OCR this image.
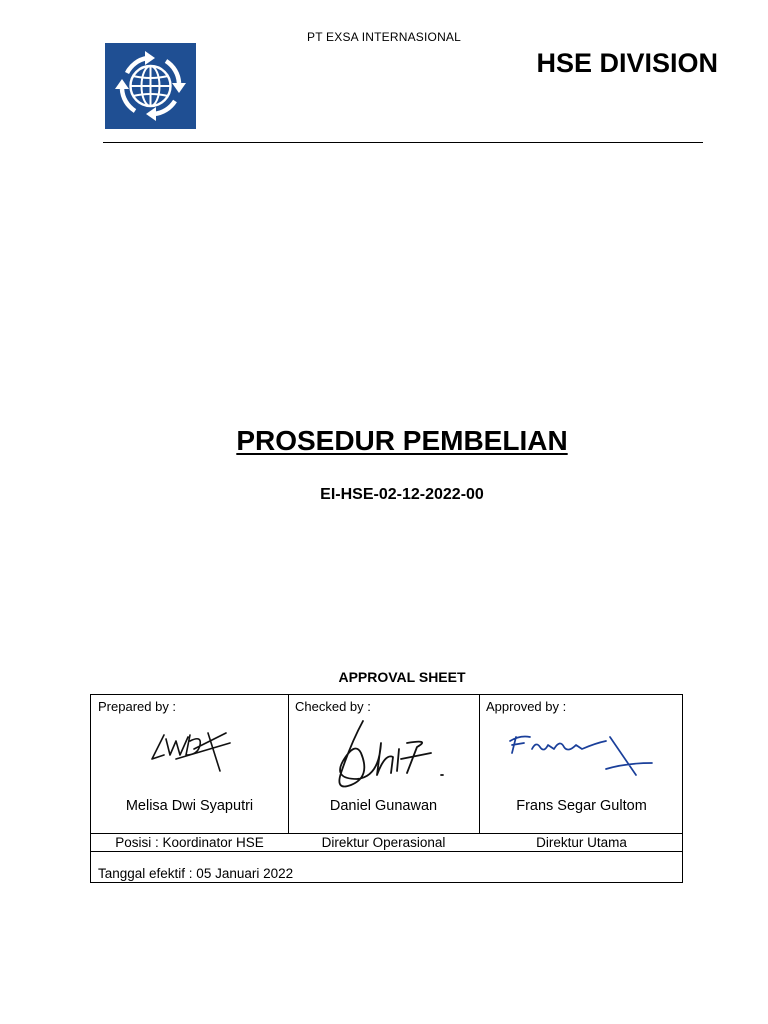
PT EXSA INTERNASIONAL
HSE DIVISION
PROSEDUR PEMBELIAN
EI-HSE-02-12-2022-00
APPROVAL SHEET
Prepared by :
Melisa Dwi Syaputri
Posisi : Koordinator HSE
Checked by :
Daniel Gunawan
Direktur Operasional
Approved by :
Frans Segar Gultom
Direktur Utama
Tanggal efektif : 05 Januari 2022
